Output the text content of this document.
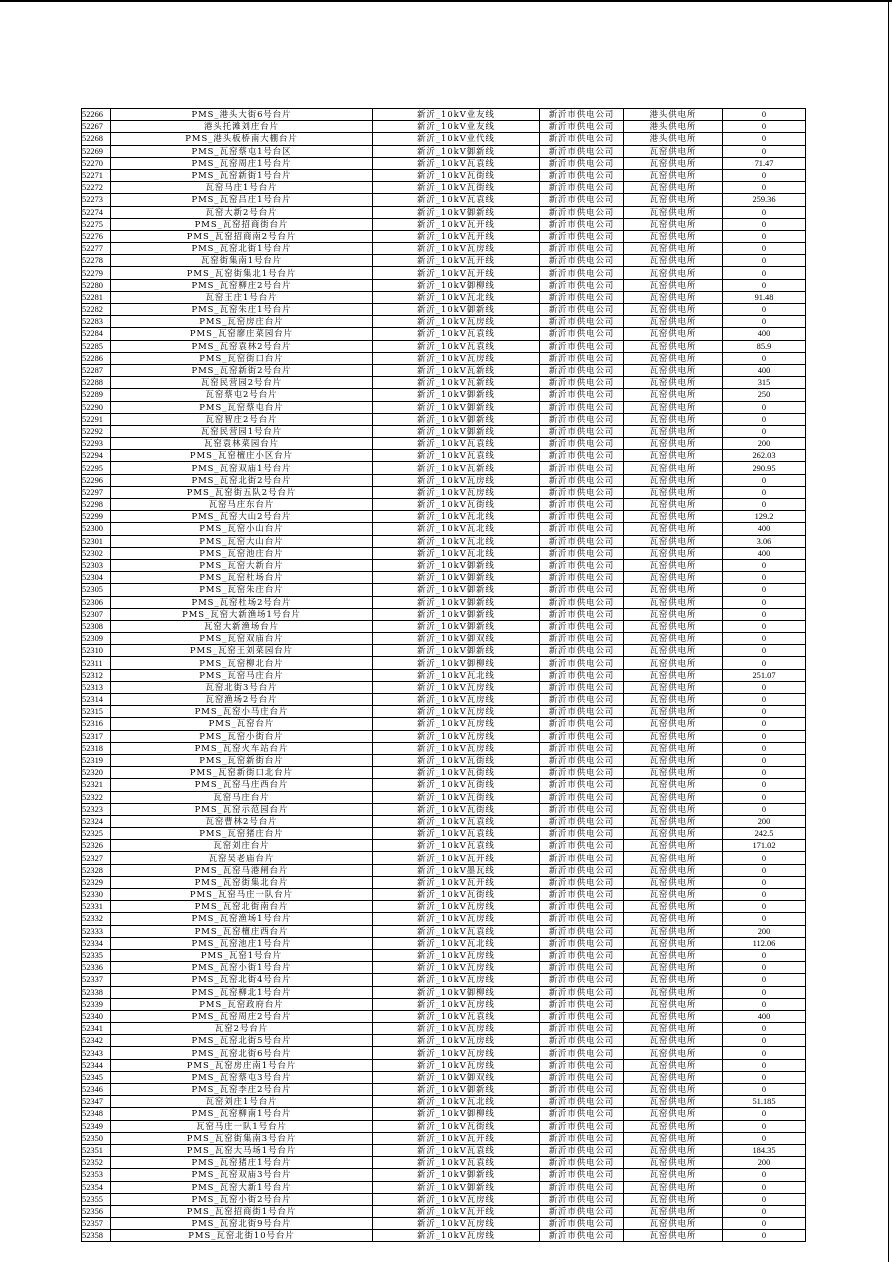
52266	PMS_港头大街6号台片	新沂_10kV业友线	新沂市供电公司	港头供电所	0
52267	港头托滩刘庄台片	新沂_10kV业友线	新沂市供电公司	港头供电所	0
52268	PMS_港头板桥南大棚台片	新沂_10kV业代线	新沂市供电公司	港头供电所	0
52269	PMS_瓦窑蔡屯1号台区	新沂_10kV御新线	新沂市供电公司	瓦窑供电所	0
52270	PMS_瓦窑周庄1号台片	新沂_10kV瓦袁线	新沂市供电公司	瓦窑供电所	71.47
52271	PMS_瓦窑新街1号台片	新沂_10kV瓦街线	新沂市供电公司	瓦窑供电所	0
52272	瓦窑马庄1号台片	新沂_10kV瓦街线	新沂市供电公司	瓦窑供电所	0
52273	PMS_瓦窑吕庄1号台片	新沂_10kV瓦袁线	新沂市供电公司	瓦窑供电所	259.36
52274	瓦窑大新2号台片	新沂_10kV御新线	新沂市供电公司	瓦窑供电所	0
52275	PMS_瓦窑招商街台片	新沂_10kV瓦开线	新沂市供电公司	瓦窑供电所	0
52276	PMS_瓦窑招商南2号台片	新沂_10kV瓦开线	新沂市供电公司	瓦窑供电所	0
52277	PMS_瓦窑北街1号台片	新沂_10kV瓦房线	新沂市供电公司	瓦窑供电所	0
52278	瓦窑街集南1号台片	新沂_10kV瓦开线	新沂市供电公司	瓦窑供电所	0
52279	PMS_瓦窑街集北1号台片	新沂_10kV瓦开线	新沂市供电公司	瓦窑供电所	0
52280	PMS_瓦窑柳庄2号台片	新沂_10kV御柳线	新沂市供电公司	瓦窑供电所	0
52281	瓦窑王庄1号台片	新沂_10kV瓦北线	新沂市供电公司	瓦窑供电所	91.48
52282	PMS_瓦窑朱庄1号台片	新沂_10kV御新线	新沂市供电公司	瓦窑供电所	0
52283	PMS_瓦窑房庄台片	新沂_10kV瓦房线	新沂市供电公司	瓦窑供电所	0
52284	PMS_瓦窑廖庄菜园台片	新沂_10kV瓦袁线	新沂市供电公司	瓦窑供电所	400
52285	PMS_瓦窑袁林2号台片	新沂_10kV瓦袁线	新沂市供电公司	瓦窑供电所	85.9
52286	PMS_瓦窑街口台片	新沂_10kV瓦房线	新沂市供电公司	瓦窑供电所	0
52287	PMS_瓦窑新街2号台片	新沂_10kV瓦新线	新沂市供电公司	瓦窑供电所	400
52288	瓦窑民营园2号台片	新沂_10kV瓦新线	新沂市供电公司	瓦窑供电所	315
52289	瓦窑蔡屯2号台片	新沂_10kV御新线	新沂市供电公司	瓦窑供电所	250
52290	PMS_瓦窑蔡屯台片	新沂_10kV御新线	新沂市供电公司	瓦窑供电所	0
52291	瓦窑智庄2号台片	新沂_10kV御新线	新沂市供电公司	瓦窑供电所	0
52292	瓦窑民营园1号台片	新沂_10kV御新线	新沂市供电公司	瓦窑供电所	0
52293	瓦窑袁林菜园台片	新沂_10kV瓦袁线	新沂市供电公司	瓦窑供电所	200
52294	PMS_瓦窑檀庄小区台片	新沂_10kV瓦袁线	新沂市供电公司	瓦窑供电所	262.03
52295	PMS_瓦窑双庙1号台片	新沂_10kV瓦新线	新沂市供电公司	瓦窑供电所	290.95
52296	PMS_瓦窑北街2号台片	新沂_10kV瓦房线	新沂市供电公司	瓦窑供电所	0
52297	PMS_瓦窑街五队2号台片	新沂_10kV瓦房线	新沂市供电公司	瓦窑供电所	0
52298	瓦窑马庄东台片	新沂_10kV瓦街线	新沂市供电公司	瓦窑供电所	0
52299	PMS_瓦窑大山2号台片	新沂_10kV瓦北线	新沂市供电公司	瓦窑供电所	129.2
52300	PMS_瓦窑小山台片	新沂_10kV瓦北线	新沂市供电公司	瓦窑供电所	400
52301	PMS_瓦窑大山台片	新沂_10kV瓦北线	新沂市供电公司	瓦窑供电所	3.06
52302	PMS_瓦窑池庄台片	新沂_10kV瓦北线	新沂市供电公司	瓦窑供电所	400
52303	PMS_瓦窑大新台片	新沂_10kV御新线	新沂市供电公司	瓦窑供电所	0
52304	PMS_瓦窑杜场台片	新沂_10kV御新线	新沂市供电公司	瓦窑供电所	0
52305	PMS_瓦窑朱庄台片	新沂_10kV御新线	新沂市供电公司	瓦窑供电所	0
52306	PMS_瓦窑杜场2号台片	新沂_10kV御新线	新沂市供电公司	瓦窑供电所	0
52307	PMS_瓦窑大新渔场1号台片	新沂_10kV御新线	新沂市供电公司	瓦窑供电所	0
52308	瓦窑大新渔场台片	新沂_10kV御新线	新沂市供电公司	瓦窑供电所	0
52309	PMS_瓦窑双庙台片	新沂_10kV御双线	新沂市供电公司	瓦窑供电所	0
52310	PMS_瓦窑王刘菜园台片	新沂_10kV御新线	新沂市供电公司	瓦窑供电所	0
52311	PMS_瓦窑柳北台片	新沂_10kV御柳线	新沂市供电公司	瓦窑供电所	0
52312	PMS_瓦窑马庄台片	新沂_10kV瓦北线	新沂市供电公司	瓦窑供电所	251.07
52313	瓦窑北街3号台片	新沂_10kV瓦房线	新沂市供电公司	瓦窑供电所	0
52314	瓦窑渔场2号台片	新沂_10kV瓦房线	新沂市供电公司	瓦窑供电所	0
52315	PMS_瓦窑小马庄台片	新沂_10kV瓦房线	新沂市供电公司	瓦窑供电所	0
52316	PMS_瓦窑台片	新沂_10kV瓦房线	新沂市供电公司	瓦窑供电所	0
52317	PMS_瓦窑小街台片	新沂_10kV瓦房线	新沂市供电公司	瓦窑供电所	0
52318	PMS_瓦窑火车站台片	新沂_10kV瓦房线	新沂市供电公司	瓦窑供电所	0
52319	PMS_瓦窑新街台片	新沂_10kV瓦街线	新沂市供电公司	瓦窑供电所	0
52320	PMS_瓦窑新街口北台片	新沂_10kV瓦街线	新沂市供电公司	瓦窑供电所	0
52321	PMS_瓦窑马庄西台片	新沂_10kV瓦街线	新沂市供电公司	瓦窑供电所	0
52322	瓦窑马庄台片	新沂_10kV瓦街线	新沂市供电公司	瓦窑供电所	0
52323	PMS_瓦窑示范园台片	新沂_10kV瓦街线	新沂市供电公司	瓦窑供电所	0
52324	瓦窑曹林2号台片	新沂_10kV瓦袁线	新沂市供电公司	瓦窑供电所	200
52325	PMS_瓦窑猪庄台片	新沂_10kV瓦袁线	新沂市供电公司	瓦窑供电所	242.5
52326	瓦窑刘庄台片	新沂_10kV瓦袁线	新沂市供电公司	瓦窑供电所	171.02
52327	瓦窑吴老庙台片	新沂_10kV瓦开线	新沂市供电公司	瓦窑供电所	0
52328	PMS_瓦窑马港闸台片	新沂_10kV墨瓦线	新沂市供电公司	瓦窑供电所	0
52329	PMS_瓦窑街集北台片	新沂_10kV瓦开线	新沂市供电公司	瓦窑供电所	0
52330	PMS_瓦窑马庄一队台片	新沂_10kV瓦街线	新沂市供电公司	瓦窑供电所	0
52331	PMS_瓦窑北街南台片	新沂_10kV瓦房线	新沂市供电公司	瓦窑供电所	0
52332	PMS_瓦窑渔场1号台片	新沂_10kV瓦房线	新沂市供电公司	瓦窑供电所	0
52333	PMS_瓦窑檀庄西台片	新沂_10kV瓦袁线	新沂市供电公司	瓦窑供电所	200
52334	PMS_瓦窑池庄1号台片	新沂_10kV瓦北线	新沂市供电公司	瓦窑供电所	112.06
52335	PMS_瓦窑1号台片	新沂_10kV瓦房线	新沂市供电公司	瓦窑供电所	0
52336	PMS_瓦窑小街1号台片	新沂_10kV瓦房线	新沂市供电公司	瓦窑供电所	0
52337	PMS_瓦窑北街4号台片	新沂_10kV瓦房线	新沂市供电公司	瓦窑供电所	0
52338	PMS_瓦窑柳北1号台片	新沂_10kV御柳线	新沂市供电公司	瓦窑供电所	0
52339	PMS_瓦窑政府台片	新沂_10kV瓦房线	新沂市供电公司	瓦窑供电所	0
52340	PMS_瓦窑周庄2号台片	新沂_10kV瓦袁线	新沂市供电公司	瓦窑供电所	400
52341	瓦窑2号台片	新沂_10kV瓦房线	新沂市供电公司	瓦窑供电所	0
52342	PMS_瓦窑北街5号台片	新沂_10kV瓦房线	新沂市供电公司	瓦窑供电所	0
52343	PMS_瓦窑北街6号台片	新沂_10kV瓦房线	新沂市供电公司	瓦窑供电所	0
52344	PMS_瓦窑房庄南1号台片	新沂_10kV瓦房线	新沂市供电公司	瓦窑供电所	0
52345	PMS_瓦窑蔡屯3号台片	新沂_10kV御双线	新沂市供电公司	瓦窑供电所	0
52346	PMS_瓦窑李庄2号台片	新沂_10kV御新线	新沂市供电公司	瓦窑供电所	0
52347	瓦窑刘庄1号台片	新沂_10kV瓦北线	新沂市供电公司	瓦窑供电所	51.185
52348	PMS_瓦窑柳南1号台片	新沂_10kV御柳线	新沂市供电公司	瓦窑供电所	0
52349	瓦窑马庄一队1号台片	新沂_10kV瓦街线	新沂市供电公司	瓦窑供电所	0
52350	PMS_瓦窑街集南3号台片	新沂_10kV瓦开线	新沂市供电公司	瓦窑供电所	0
52351	PMS_瓦窑大马场1号台片	新沂_10kV瓦袁线	新沂市供电公司	瓦窑供电所	184.35
52352	PMS_瓦窑猪庄1号台片	新沂_10kV瓦袁线	新沂市供电公司	瓦窑供电所	200
52353	PMS_瓦窑双庙3号台片	新沂_10kV御新线	新沂市供电公司	瓦窑供电所	0
52354	PMS_瓦窑大新1号台片	新沂_10kV御新线	新沂市供电公司	瓦窑供电所	0
52355	PMS_瓦窑小街2号台片	新沂_10kV瓦房线	新沂市供电公司	瓦窑供电所	0
52356	PMS_瓦窑招商街1号台片	新沂_10kV瓦开线	新沂市供电公司	瓦窑供电所	0
52357	PMS_瓦窑北街9号台片	新沂_10kV瓦房线	新沂市供电公司	瓦窑供电所	0
52358	PMS_瓦窑北街10号台片	新沂_10kV瓦房线	新沂市供电公司	瓦窑供电所	0
